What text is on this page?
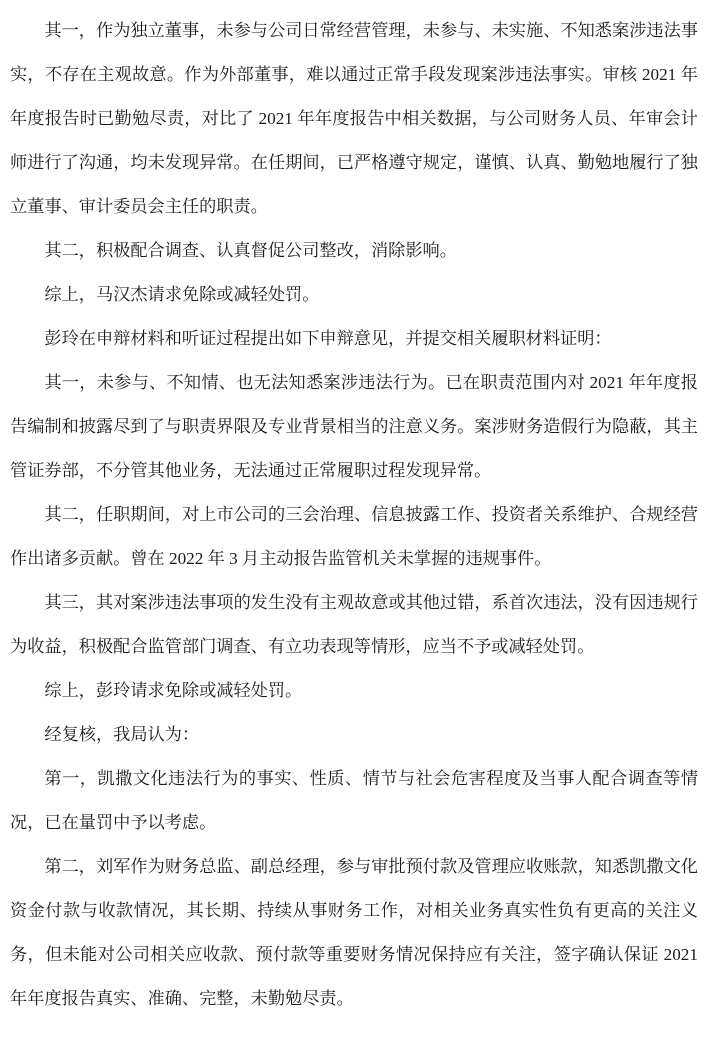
其一，作为独立董事，未参与公司日常经营管理，未参与、未实施、不知悉案涉违法事实，不存在主观故意。作为外部董事，难以通过正常手段发现案涉违法事实。审核 2021 年年度报告时已勤勉尽责，对比了 2021 年年度报告中相关数据，与公司财务人员、年审会计师进行了沟通，均未发现异常。在任期间，已严格遵守规定，谨慎、认真、勤勉地履行了独立董事、审计委员会主任的职责。

其二，积极配合调查、认真督促公司整改，消除影响。

综上，马汉杰请求免除或减轻处罚。

彭玲在申辩材料和听证过程提出如下申辩意见，并提交相关履职材料证明：

其一，未参与、不知情、也无法知悉案涉违法行为。已在职责范围内对 2021 年年度报告编制和披露尽到了与职责界限及专业背景相当的注意义务。案涉财务造假行为隐蔽，其主管证券部，不分管其他业务，无法通过正常履职过程发现异常。

其二，任职期间，对上市公司的三会治理、信息披露工作、投资者关系维护、合规经营作出诸多贡献。曾在 2022 年 3 月主动报告监管机关未掌握的违规事件。

其三，其对案涉违法事项的发生没有主观故意或其他过错，系首次违法，没有因违规行为收益，积极配合监管部门调查、有立功表现等情形，应当不予或减轻处罚。

综上，彭玲请求免除或减轻处罚。

经复核，我局认为：

第一，凯撒文化违法行为的事实、性质、情节与社会危害程度及当事人配合调查等情况，已在量罚中予以考虑。

第二，刘军作为财务总监、副总经理，参与审批预付款及管理应收账款，知悉凯撒文化资金付款与收款情况，其长期、持续从事财务工作，对相关业务真实性负有更高的关注义务，但未能对公司相关应收款、预付款等重要财务情况保持应有关注，签字确认保证 2021 年年度报告真实、准确、完整，未勤勉尽责。
